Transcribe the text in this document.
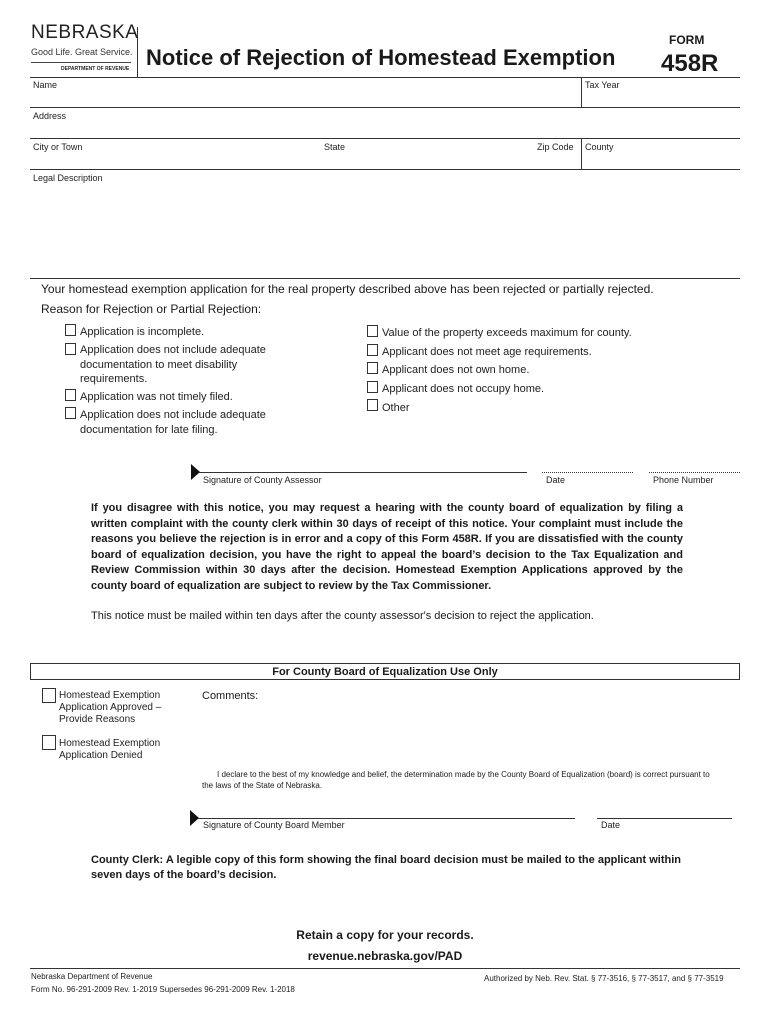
NEBRASKA
Good Life. Great Service.
DEPARTMENT OF REVENUE Notice of Rejection of Homestead Exemption
FORM
458R
Name	Tax Year
Address
City or Town	State	Zip Code County
Legal Description
Your homestead exemption application for the real property described above has been rejected or partially rejected.
Reason for Rejection or Partial Rejection:
Application is incomplete.
Application does not include adequate documentation to meet disability requirements.
Application was not timely filed.
Application does not include adequate documentation for late filing.
Value of the property exceeds maximum for county.
Applicant does not meet age requirements.
Applicant does not own home.
Applicant does not occupy home.
Other
Signature of County Assessor	Date	Phone Number
If you disagree with this notice, you may request a hearing with the county board of equalization by filing a written complaint with the county clerk within 30 days of receipt of this notice. Your complaint must include the reasons you believe the rejection is in error and a copy of this Form 458R. If you are dissatisfied with the county board of equalization decision, you have the right to appeal the board’s decision to the Tax Equalization and Review Commission within 30 days after the decision. Homestead Exemption Applications approved by the county board of equalization are subject to review by the Tax Commissioner.
This notice must be mailed within ten days after the county assessor's decision to reject the application.
For County Board of Equalization Use Only
Homestead Exemption Application Approved – Provide Reasons
Homestead Exemption Application Denied
Comments:
I declare to the best of my knowledge and belief, the determination made by the County Board of Equalization (board) is correct pursuant to the laws of the State of Nebraska.
Signature of County Board Member	Date
County Clerk: A legible copy of this form showing the final board decision must be mailed to the applicant within seven days of the board’s decision.
Retain a copy for your records.
revenue.nebraska.gov/PAD
Nebraska Department of Revenue
Form No. 96-291-2009 Rev. 1-2019 Supersedes 96-291-2009 Rev. 1-2018
Authorized by Neb. Rev. Stat. § 77-3516, § 77-3517, and § 77-3519
